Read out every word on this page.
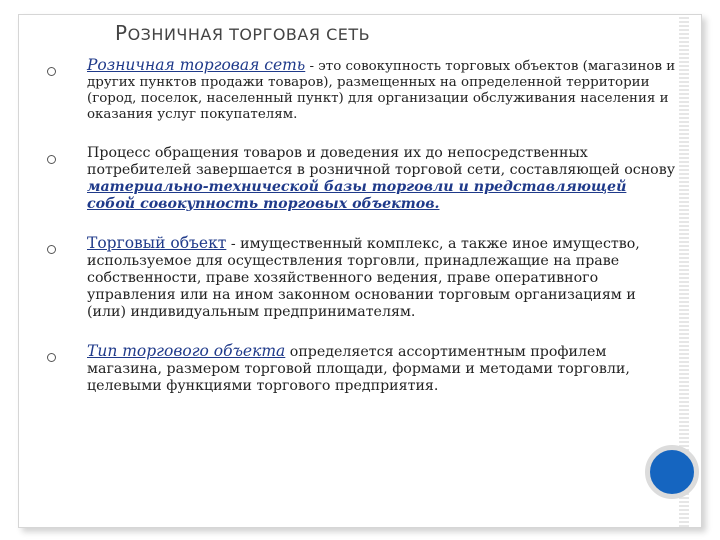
РОЗНИЧНАЯ ТОРГОВАЯ СЕТЬ
Розничная торговая сеть - это совокупность торговых объектов (магазинов и других пунктов продажи товаров), размещенных на определенной территории (город, поселок, населенный пункт) для организации обслуживания населения и оказания услуг покупателям.
Процесс обращения товаров и доведения их до непосредственных потребителей завершается в розничной торговой сети, составляющей основу материально-технической базы торговли и представляющей собой совокупность торговых объектов.
Торговый объект - имущественный комплекс, а также иное имущество, используемое для осуществления торговли, принадлежащие на праве собственности, праве хозяйственного ведения, праве оперативного управления или на ином законном основании торговым организациям и (или) индивидуальным предпринимателям.
Тип торгового объекта определяется ассортиментным профилем магазина, размером торговой площади, формами и методами торговли, целевыми функциями торгового предприятия.
